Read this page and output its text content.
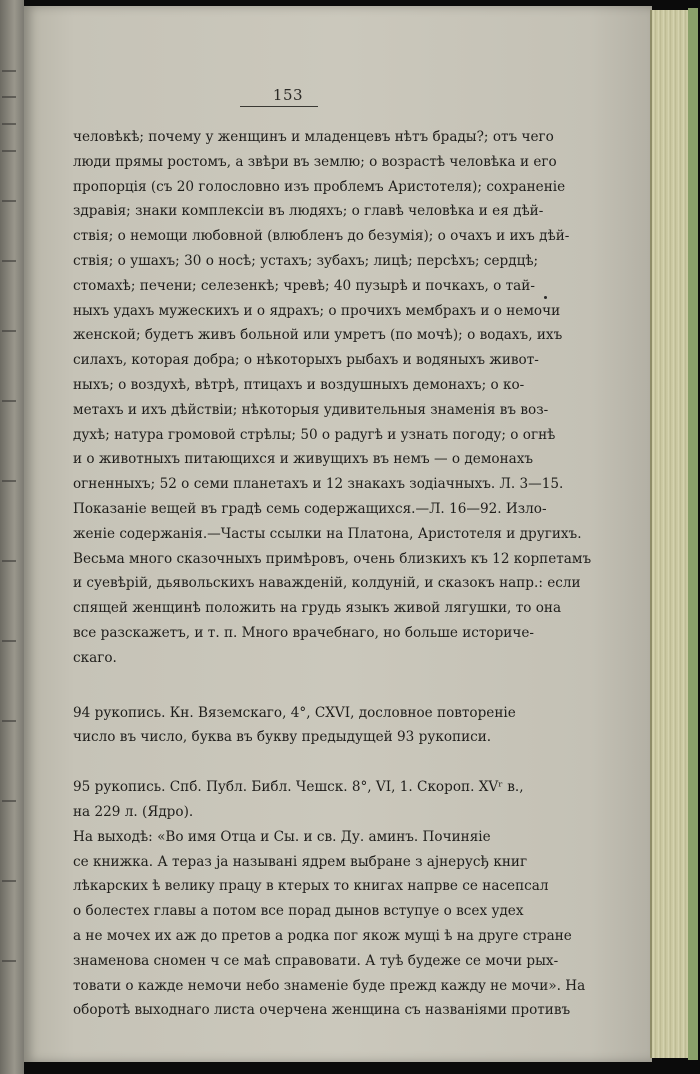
153
человѣкѣ; почему у женщинъ и младенцевъ нѣтъ брады?; отъ чего
люди прямы ростомъ, а звѣри въ землю; о возрастѣ человѣка и его
пропорція (съ 20 голословно изъ проблемъ Аристотеля); сохраненіе
здравія; знаки комплексіи въ людяхъ; о главѣ человѣка и ея дѣй-
ствія; о немощи любовной (влюбленъ до безумія); о очахъ и ихъ дѣй-
ствія; о ушахъ; 30 о носѣ; устахъ; зубахъ; лицѣ; персѣхъ; сердцѣ;
стомахѣ; печени; селезенкѣ; чревѣ; 40 пузырѣ и почкахъ, о тай-
ныхъ удахъ мужескихъ и о ядрахъ; о прочихъ мембрахъ и о немочи
женской; будетъ живъ больной или умретъ (по мочѣ); о водахъ, ихъ
силахъ, которая добра; о нѣкоторыхъ рыбахъ и водяныхъ живот-
ныхъ; о воздухѣ, вѣтрѣ, птицахъ и воздушныхъ демонахъ; о ко-
метахъ и ихъ дѣйствіи; нѣкоторыя удивительныя знаменія въ воз-
духѣ; натура громовой стрѣлы; 50 о радугѣ и узнать погоду; о огнѣ
и о животныхъ питающихся и живущихъ въ немъ — о демонахъ
огненныхъ; 52 о семи планетахъ и 12 знакахъ зодіачныхъ. Л. 3—15.
Показаніе вещей въ градѣ семь содержащихся.—Л. 16—92. Изло-
женіе содержанія.—Часты ссылки на Платона, Аристотеля и другихъ.
Весьма много сказочныхъ примѣровъ, очень близкихъ къ 12 корпетамъ
и суевѣрій, дьявольскихъ наважденій, колдуній, и сказокъ напр.: если
спящей женщинѣ положить на грудь языкъ живой лягушки, то она
все разскажетъ, и т. п. Много врачебнаго, но больше историче-
скаго.
94 рукопись. Кн. Вяземскаго, 4°, CXVI, дословное повтореніе
число въ число, буква въ букву предыдущей 93 рукописи.
95 рукопись. Спб. Публ. Библ. Чешск. 8°, VI, 1. Скороп. XVʳ в.,
на 229 л. (Ядро).
На выходѣ: «Во имя Отца и Сы. и св. Ду. аминъ. Починяіе
се книжка. А тераз ја называні ядрем выбране з ајнерусђ книг
лѣкарских ѣ велику працу в ктерых то книгах напрве се насепсал
о болестех главы а потом все порад дынов вступуе о всех удех
а не мочех их аж до претов а родка пог якож мущі ѣ на друге стране
знаменова сномен ч се маѣ справовати. А туѣ будеже се мочи рых-
товати о каждe немочи небо знаменіе буде прежд каждy не мочи». На
оборотѣ выходнаго листа очерчена женщина съ названіями противъ
